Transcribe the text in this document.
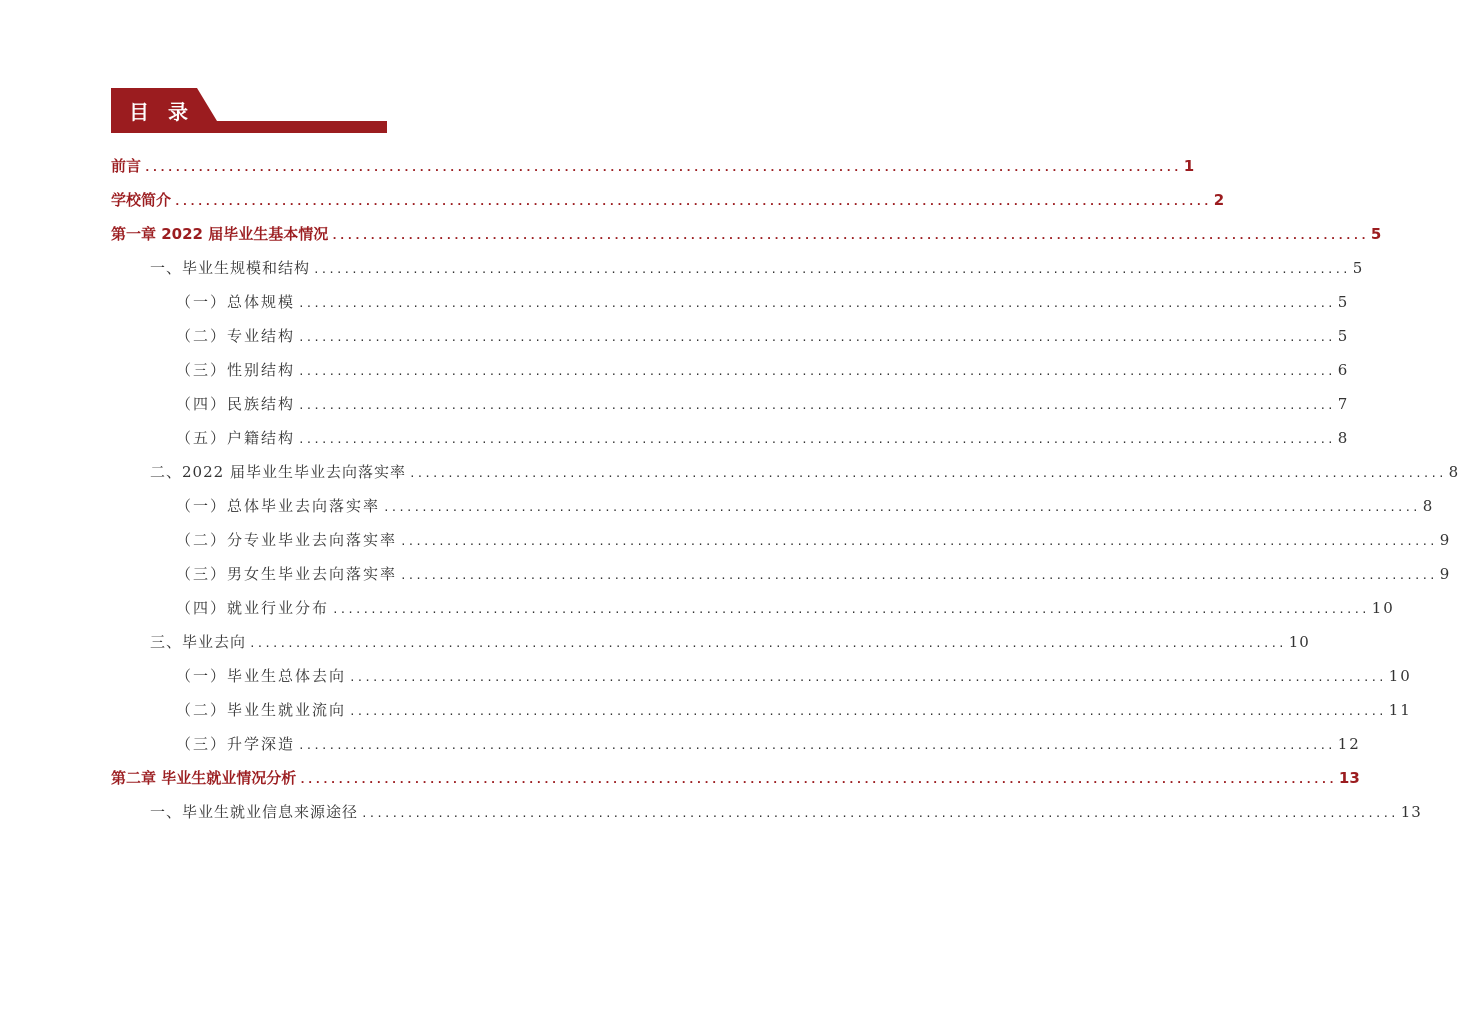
目 录
前言 ........................................................................................................................................ 1
学校简介 ........................................................................................................................................ 2
第一章 2022 届毕业生基本情况 ........................................................................................................................................ 5
一、毕业生规模和结构 ........................................................................................................................................ 5
（一）总体规模 ........................................................................................................................................ 5
（二）专业结构 ........................................................................................................................................ 5
（三）性别结构 ........................................................................................................................................ 6
（四）民族结构 ........................................................................................................................................ 7
（五）户籍结构 ........................................................................................................................................ 8
二、2022 届毕业生毕业去向落实率 ........................................................................................................................................ 8
（一）总体毕业去向落实率 ........................................................................................................................................ 8
（二）分专业毕业去向落实率 ........................................................................................................................................ 9
（三）男女生毕业去向落实率 ........................................................................................................................................ 9
（四）就业行业分布 ........................................................................................................................................ 10
三、毕业去向 ........................................................................................................................................ 10
（一）毕业生总体去向 ........................................................................................................................................ 10
（二）毕业生就业流向 ........................................................................................................................................ 11
（三）升学深造 ........................................................................................................................................ 12
第二章 毕业生就业情况分析 ........................................................................................................................................ 13
一、毕业生就业信息来源途径 ........................................................................................................................................ 13
